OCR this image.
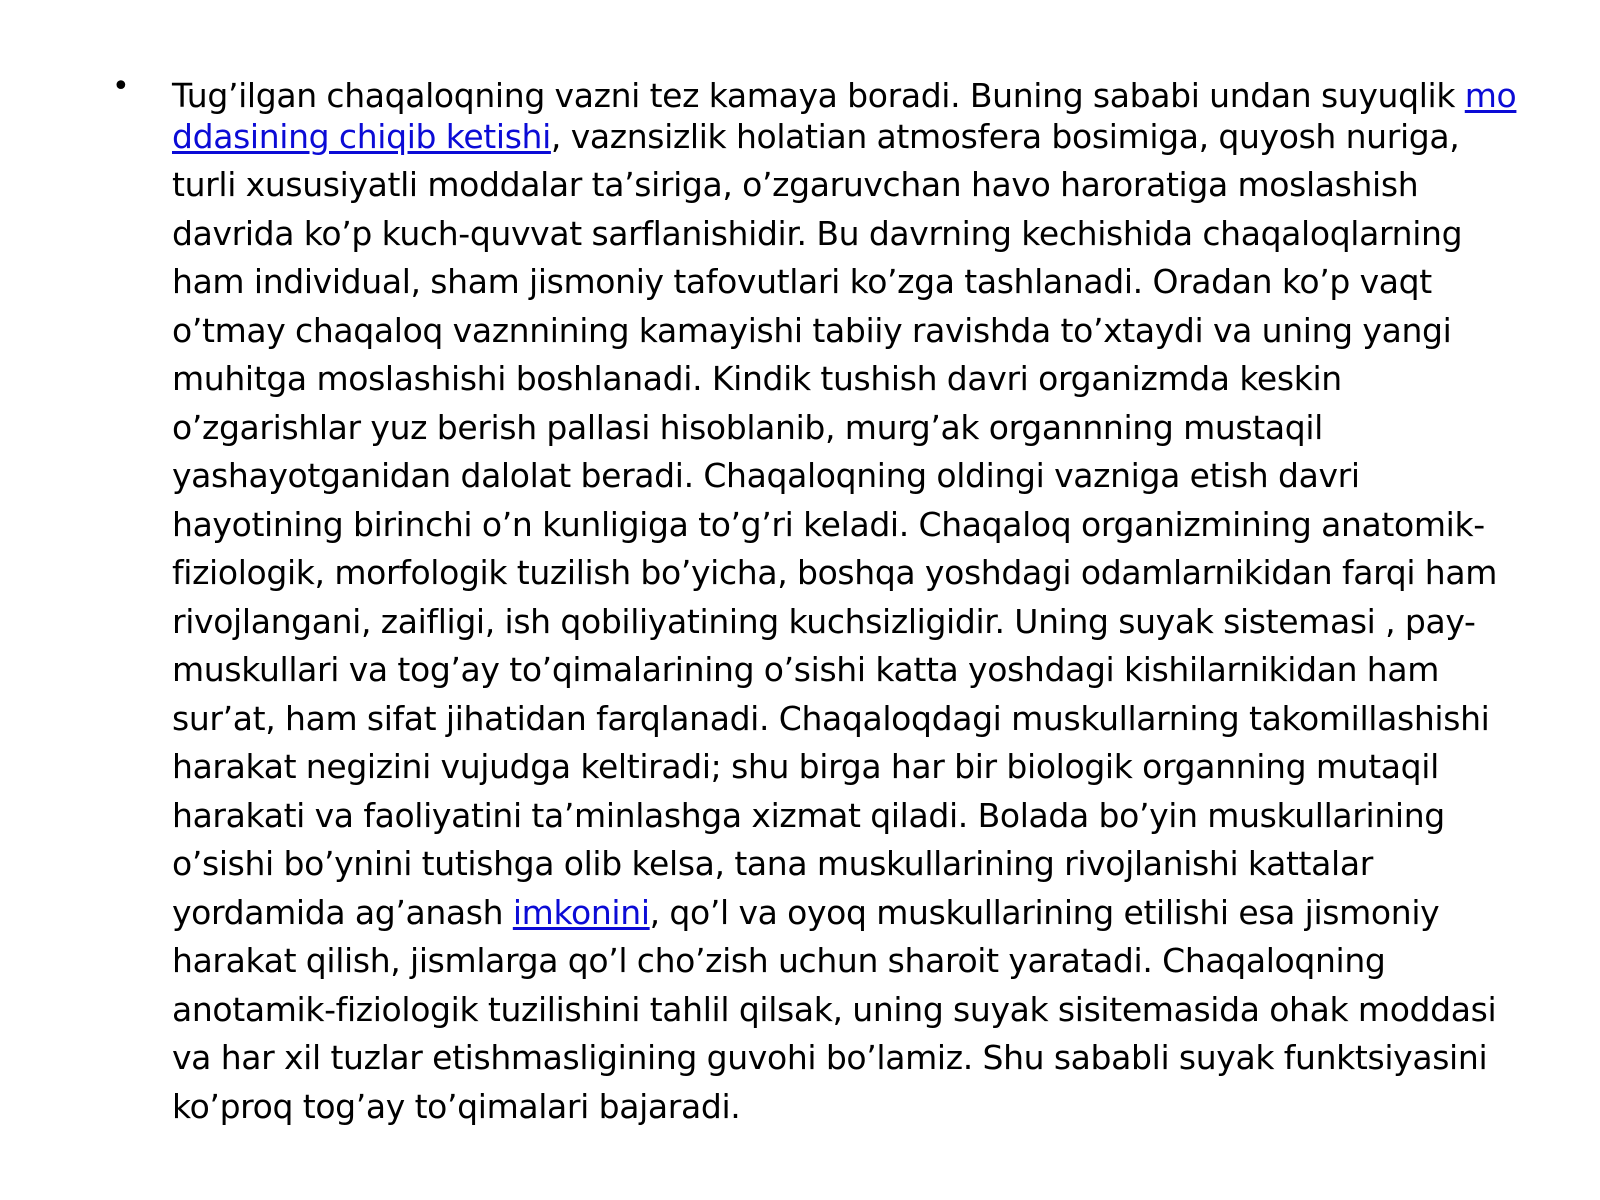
• Tug’ilgan chaqaloqning vazni tez kamaya boradi. Buning sababi undan suyuqlik mo
ddasining chiqib ketishi, vaznsizlik holatian atmosfera bosimiga, quyosh nuriga,
turli xususiyatli moddalar ta’siriga, o’zgaruvchan havo haroratiga moslashish
davrida ko’p kuch-quvvat sarflanishidir. Bu davrning kechishida chaqaloqlarning
ham individual, sham jismoniy tafovutlari ko’zga tashlanadi. Oradan ko’p vaqt
o’tmay chaqaloq vaznnining kamayishi tabiiy ravishda to’xtaydi va uning yangi
muhitga moslashishi boshlanadi. Kindik tushish davri organizmda keskin
o’zgarishlar yuz berish pallasi hisoblanib, murg’ak organnning mustaqil
yashayotganidan dalolat beradi. Chaqaloqning oldingi vazniga etish davri
hayotining birinchi o’n kunligiga to’g’ri keladi. Chaqaloq organizmining anatomik-
fiziologik, morfologik tuzilish bo’yicha, boshqa yoshdagi odamlarnikidan farqi ham
rivojlangani, zaifligi, ish qobiliyatining kuchsizligidir. Uning suyak sistemasi , pay-
muskullari va tog’ay to’qimalarining o’sishi katta yoshdagi kishilarnikidan ham
sur’at, ham sifat jihatidan farqlanadi. Chaqaloqdagi muskullarning takomillashishi
harakat negizini vujudga keltiradi; shu birga har bir biologik organning mutaqil
harakati va faoliyatini ta’minlashga xizmat qiladi. Bolada bo’yin muskullarining
o’sishi bo’ynini tutishga olib kelsa, tana muskullarining rivojlanishi kattalar
yordamida ag’anash imkonini, qo’l va oyoq muskullarining etilishi esa jismoniy
harakat qilish, jismlarga qo’l cho’zish uchun sharoit yaratadi. Chaqaloqning
anotamik-fiziologik tuzilishini tahlil qilsak, uning suyak sisitemasida ohak moddasi
va har xil tuzlar etishmasligining guvohi bo’lamiz. Shu sababli suyak funktsiyasini
ko’proq tog’ay to’qimalari bajaradi.
